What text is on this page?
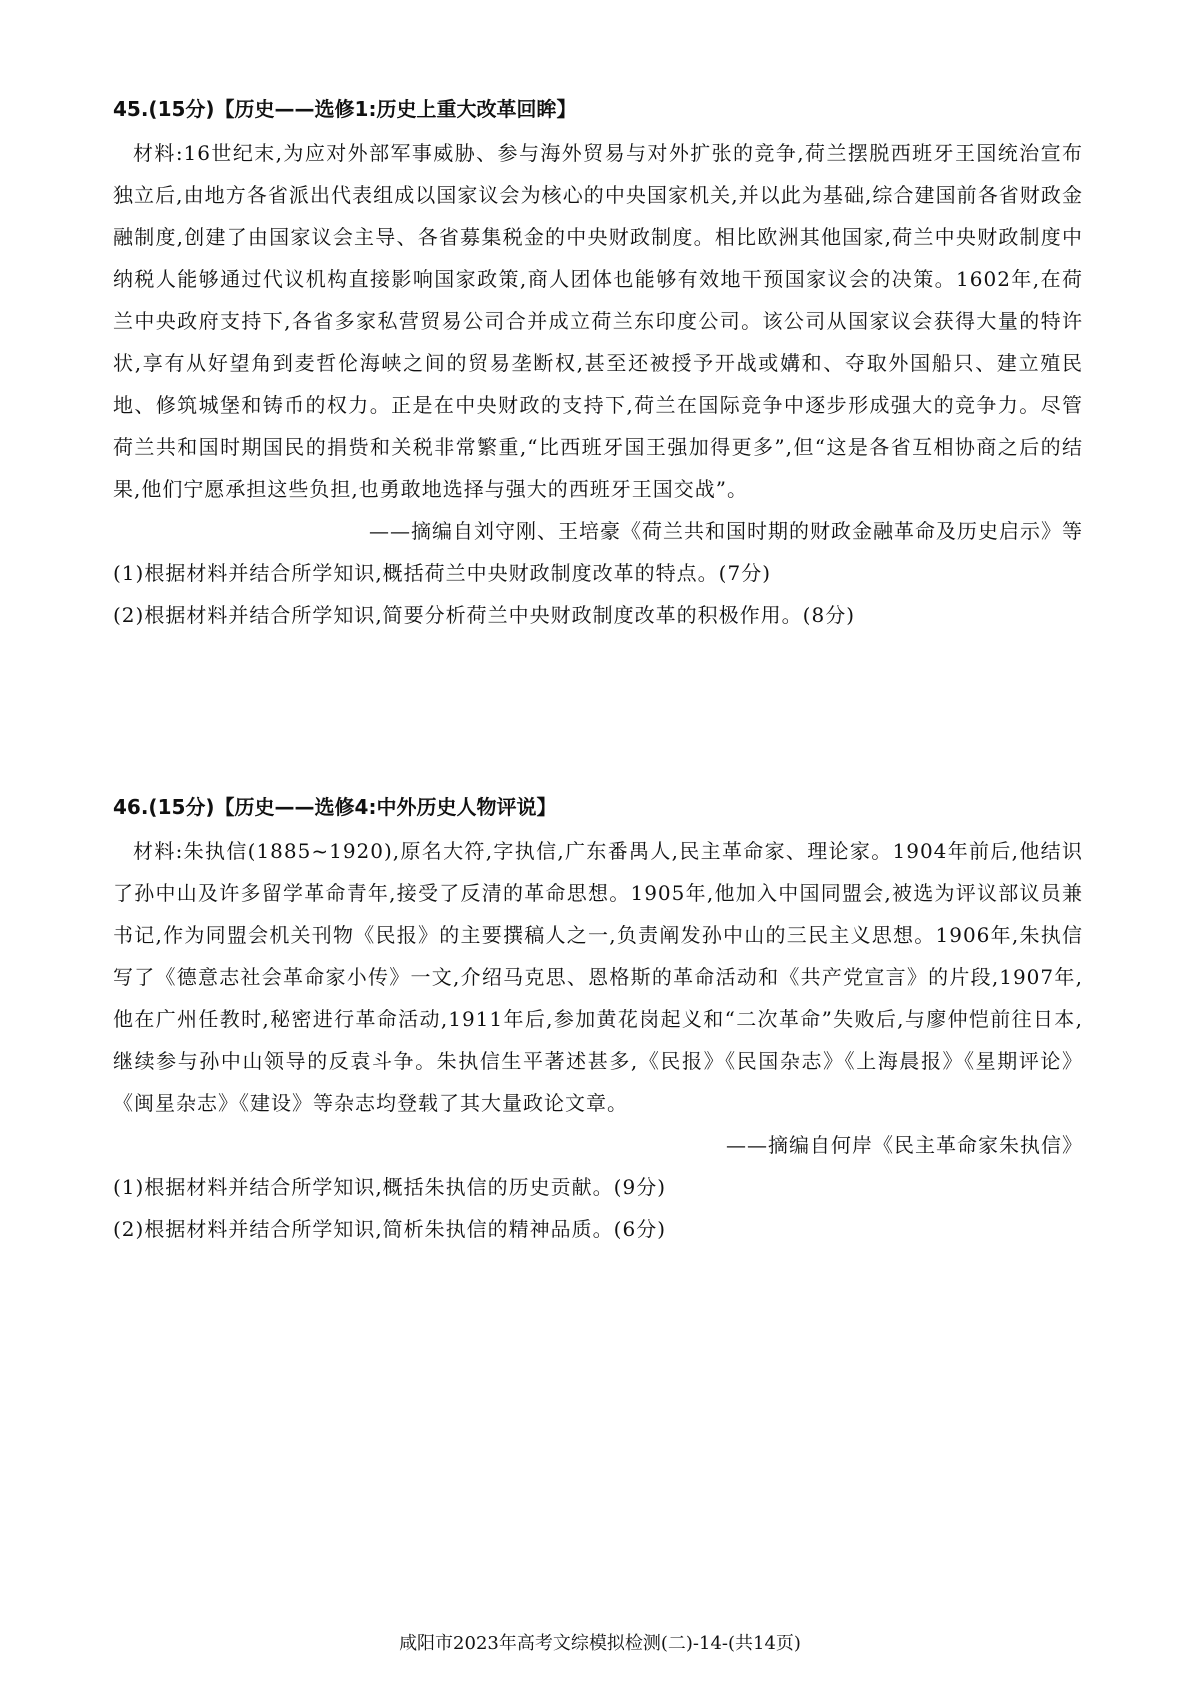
45.(15分)【历史——选修1:历史上重大改革回眸】

材料:16世纪末,为应对外部军事威胁、参与海外贸易与对外扩张的竞争,荷兰摆脱西班牙王国统治宣布独立后,由地方各省派出代表组成以国家议会为核心的中央国家机关,并以此为基础,综合建国前各省财政金融制度,创建了由国家议会主导、各省募集税金的中央财政制度。相比欧洲其他国家,荷兰中央财政制度中纳税人能够通过代议机构直接影响国家政策,商人团体也能够有效地干预国家议会的决策。1602年,在荷兰中央政府支持下,各省多家私营贸易公司合并成立荷兰东印度公司。该公司从国家议会获得大量的特许状,享有从好望角到麦哲伦海峡之间的贸易垄断权,甚至还被授予开战或媾和、夺取外国船只、建立殖民地、修筑城堡和铸币的权力。正是在中央财政的支持下,荷兰在国际竞争中逐步形成强大的竞争力。尽管荷兰共和国时期国民的捐赀和关税非常繁重,“比西班牙国王强加得更多”,但“这是各省互相协商之后的结果,他们宁愿承担这些负担,也勇敢地选择与强大的西班牙王国交战”。

——摘编自刘守刚、王培豪《荷兰共和国时期的财政金融革命及历史启示》等
(1)根据材料并结合所学知识,概括荷兰中央财政制度改革的特点。(7分)
(2)根据材料并结合所学知识,简要分析荷兰中央财政制度改革的积极作用。(8分)
46.(15分)【历史——选修4:中外历史人物评说】

材料:朱执信(1885~1920),原名大符,字执信,广东番禺人,民主革命家、理论家。1904年前后,他结识了孙中山及许多留学革命青年,接受了反清的革命思想。1905年,他加入中国同盟会,被选为评议部议员兼书记,作为同盟会机关刊物《民报》的主要撰稿人之一,负责阐发孙中山的三民主义思想。1906年,朱执信写了《德意志社会革命家小传》一文,介绍马克思、恩格斯的革命活动和《共产党宣言》的片段,1907年,他在广州任教时,秘密进行革命活动,1911年后,参加黄花岗起义和“二次革命”失败后,与廖仲恺前往日本,继续参与孙中山领导的反袁斗争。朱执信生平著述甚多,《民报》《民国杂志》《上海晨报》《星期评论》《闽星杂志》《建设》等杂志均登载了其大量政论文章。

——摘编自何岸《民主革命家朱执信》
(1)根据材料并结合所学知识,概括朱执信的历史贡献。(9分)
(2)根据材料并结合所学知识,简析朱执信的精神品质。(6分)
咸阳市2023年高考文综模拟检测(二)-14-(共14页)
